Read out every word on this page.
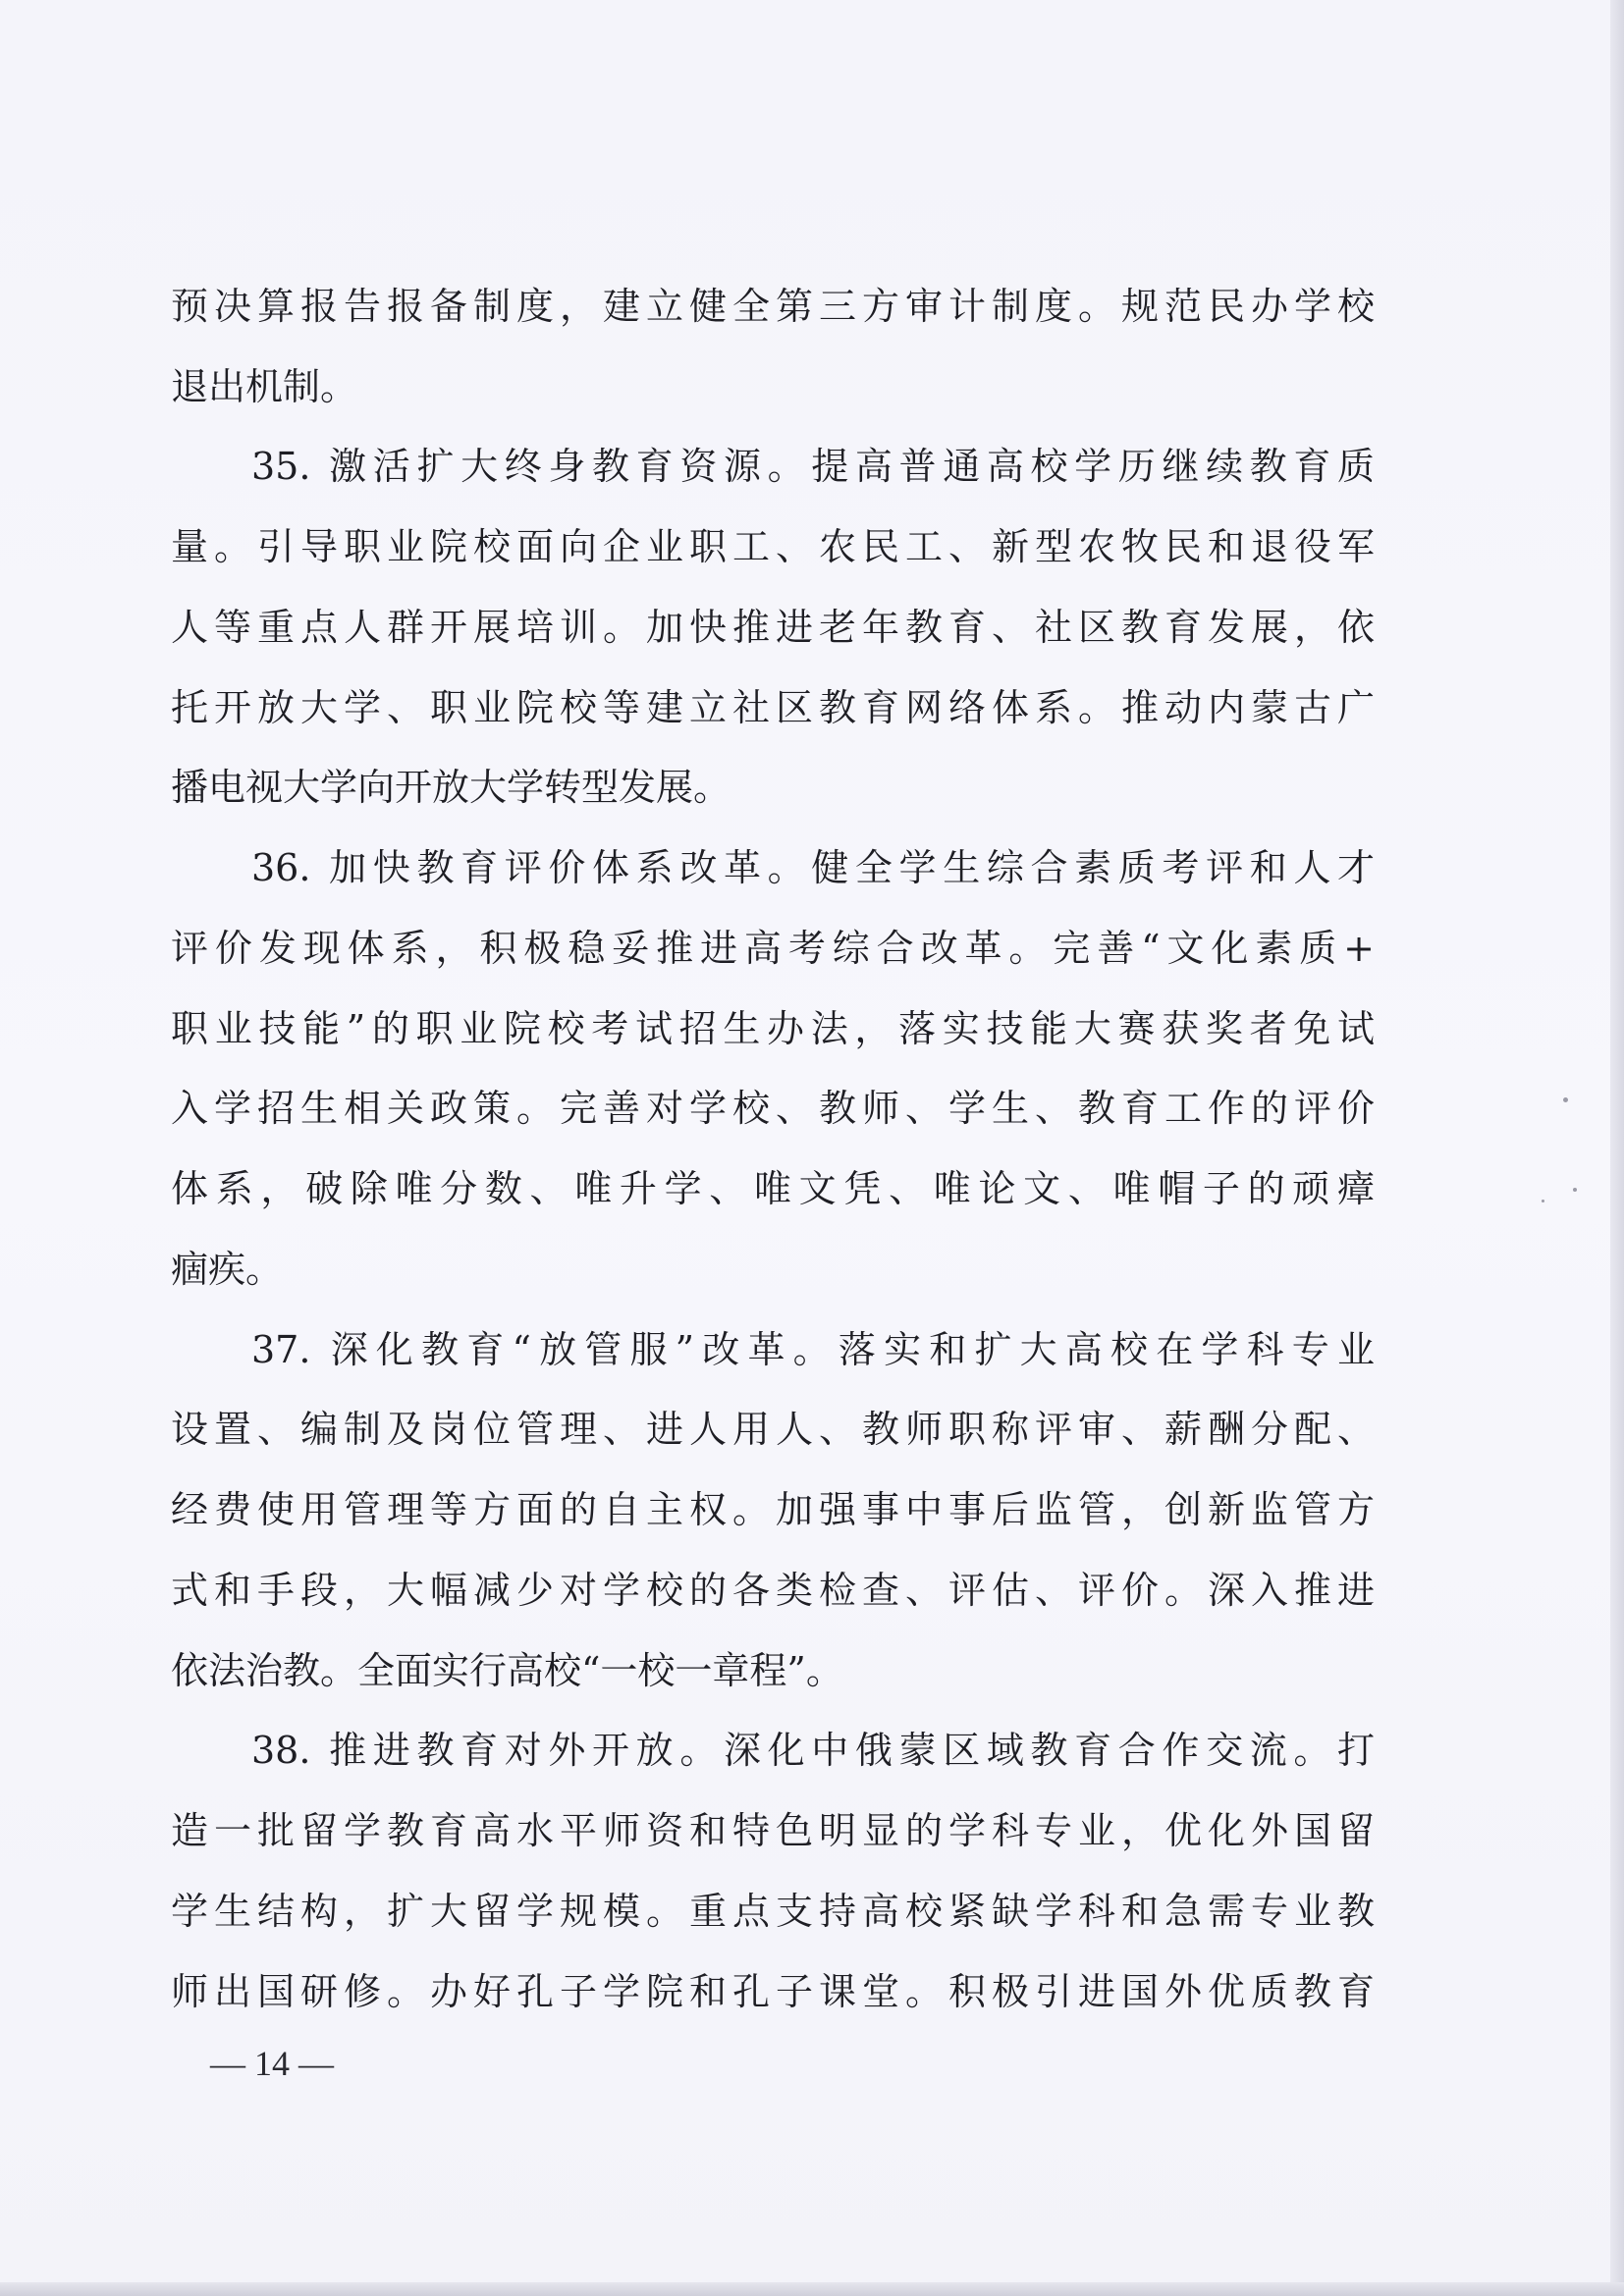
预决算报告报备制度，建立健全第三方审计制度。规范民办学校
退出机制。
35. 激活扩大终身教育资源。提高普通高校学历继续教育质
量。引导职业院校面向企业职工、农民工、新型农牧民和退役军
人等重点人群开展培训。加快推进老年教育、社区教育发展，依
托开放大学、职业院校等建立社区教育网络体系。推动内蒙古广
播电视大学向开放大学转型发展。
36. 加快教育评价体系改革。健全学生综合素质考评和人才
评价发现体系，积极稳妥推进高考综合改革。完善“文化素质+
职业技能”的职业院校考试招生办法，落实技能大赛获奖者免试
入学招生相关政策。完善对学校、教师、学生、教育工作的评价
体系，破除唯分数、唯升学、唯文凭、唯论文、唯帽子的顽瘴
痼疾。
37. 深化教育“放管服”改革。落实和扩大高校在学科专业
设置、编制及岗位管理、进人用人、教师职称评审、薪酬分配、
经费使用管理等方面的自主权。加强事中事后监管，创新监管方
式和手段，大幅减少对学校的各类检查、评估、评价。深入推进
依法治教。全面实行高校“一校一章程”。
38. 推进教育对外开放。深化中俄蒙区域教育合作交流。打
造一批留学教育高水平师资和特色明显的学科专业，优化外国留
学生结构，扩大留学规模。重点支持高校紧缺学科和急需专业教
师出国研修。办好孔子学院和孔子课堂。积极引进国外优质教育
— 14 —
